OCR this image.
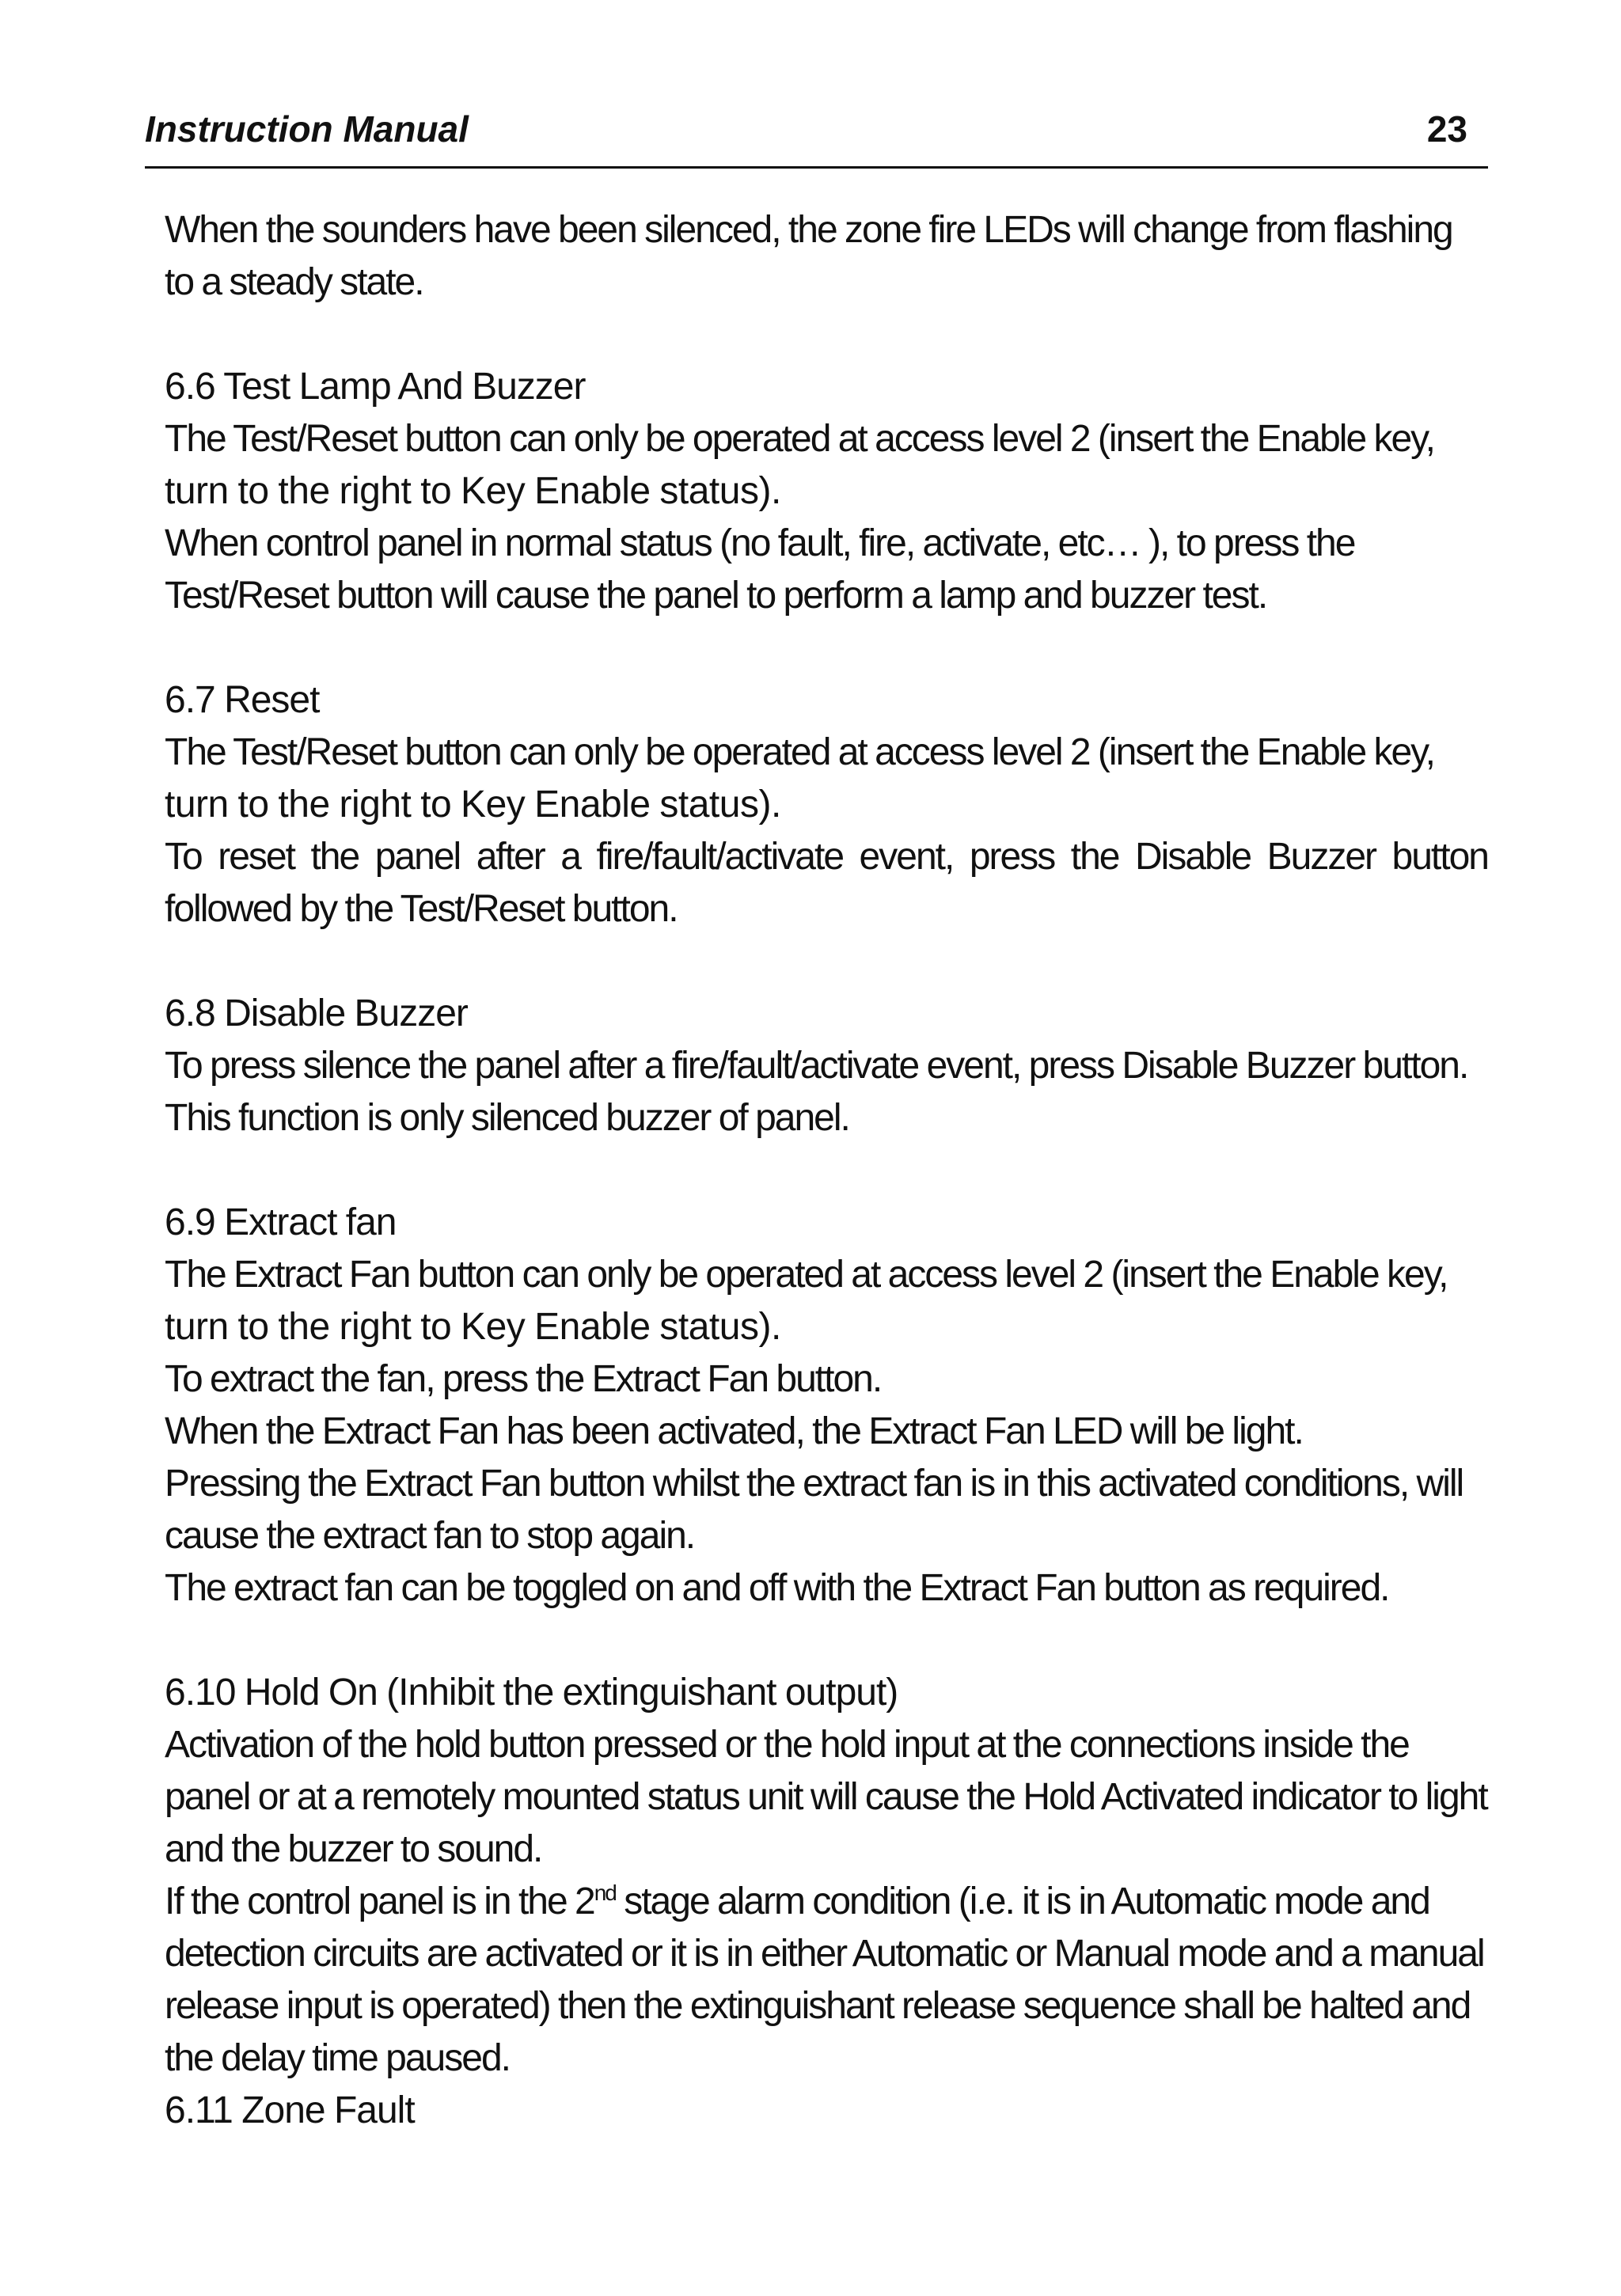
Instruction Manual	23

When the sounders have been silenced, the zone fire LEDs will change from flashing to a steady state.

6.6 Test Lamp And Buzzer

The Test/Reset button can only be operated at access level 2 (insert the Enable key,

turn to the right to Key Enable status).

When control panel in normal status (no fault, fire, activate, etc… ), to press the Test/Reset button will cause the panel to perform a lamp and buzzer test.

6.7 Reset

The Test/Reset button can only be operated at access level 2 (insert the Enable key,

turn to the right to Key Enable status).

To reset the panel after a fire/fault/activate event, press the Disable Buzzer button followed by the Test/Reset button.

6.8 Disable Buzzer

To press silence the panel after a fire/fault/activate event, press Disable Buzzer button.

This function is only silenced buzzer of panel.

6.9 Extract fan

The Extract Fan button can only be operated at access level 2 (insert the Enable key,

turn to the right to Key Enable status).

To extract the fan, press the Extract Fan button.

When the Extract Fan has been activated, the Extract Fan LED will be light.

Pressing the Extract Fan button whilst the extract fan is in this activated conditions, will cause the extract fan to stop again.

The extract fan can be toggled on and off with the Extract Fan button as required.

6.10 Hold On (Inhibit the extinguishant output)

Activation of the hold button pressed or the hold input at the connections inside the panel or at a remotely mounted status unit will cause the Hold Activated indicator to light and the buzzer to sound.

If the control panel is in the 2nd stage alarm condition (i.e. it is in Automatic mode and detection circuits are activated or it is in either Automatic or Manual mode and a manual release input is operated) then the extinguishant release sequence shall be halted and the delay time paused.

6.11 Zone Fault
